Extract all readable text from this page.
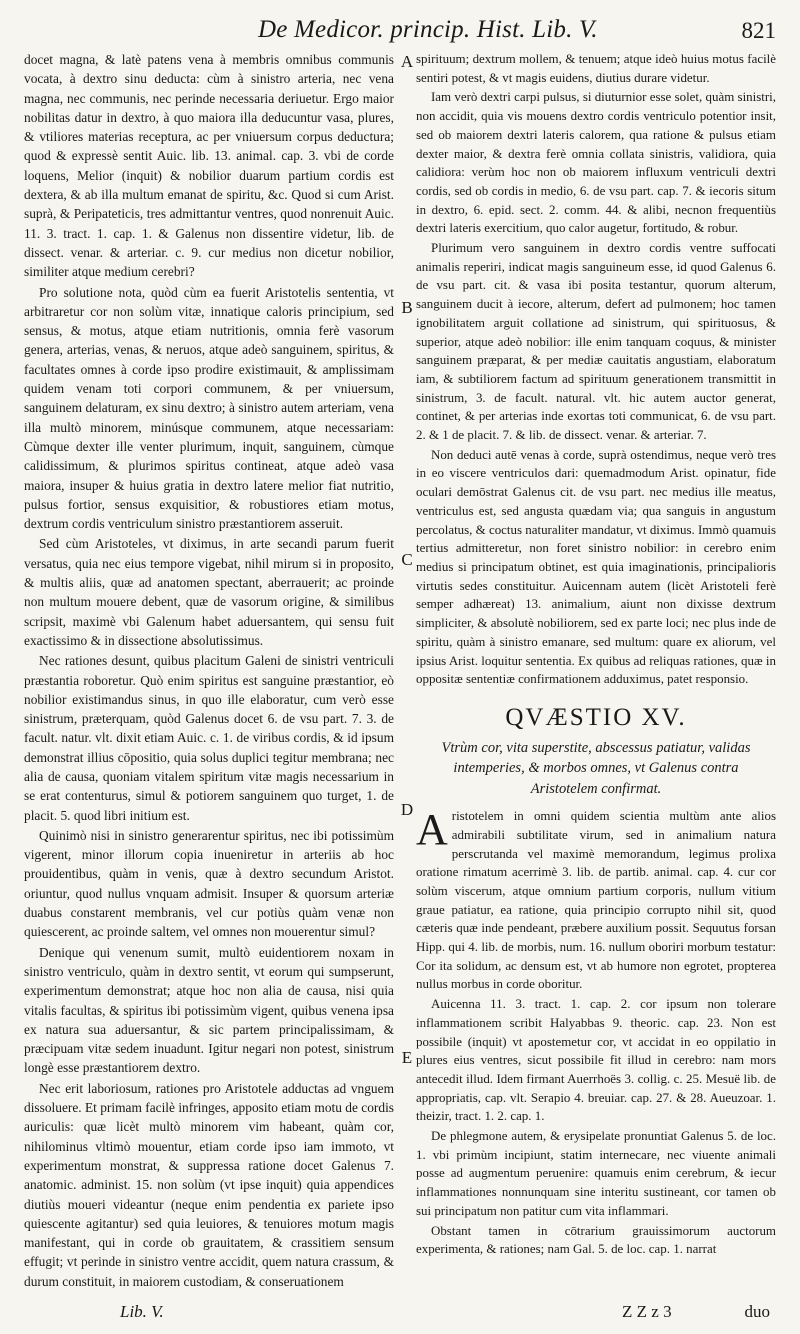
De Medicor. princip. Hist. Lib. V.	821
A
B
C
D
E

docet magna, & latè patens vena à membris omnibus communis vocata, à dextro sinu deducta: cùm à sinistro arteria, nec vena magna, nec communis, nec perinde necessaria deriuetur. Ergo maior nobilitas datur in dextro, à quo maiora illa deducuntur vasa, plures, & vtiliores materias receptura, ac per vniuersum corpus deductura; quod & expressè sentit Auic. lib. 13. animal. cap. 3. vbi de corde loquens, Melior (inquit) & nobilior duarum partium cordis est dextera, & ab illa multum emanat de spiritu, &c. Quod si cum Arist. suprà, & Peripateticis, tres admittantur ventres, quod nonrenuit Auic. 11. 3. tract. 1. cap. 1. & Galenus non dissentire videtur, lib. de dissect. venar. & arteriar. c. 9. cur medius non dicetur nobilior, similiter atque medium cerebri?

Pro solutione nota, quòd cùm ea fuerit Aristotelis sententia, vt arbitraretur cor non solùm vitæ, innatique caloris principium, sed sensus, & motus, atque etiam nutritionis, omnia ferè vasorum genera, arterias, venas, & neruos, atque adeò sanguinem, spiritus, & facultates omnes à corde ipso prodire existimauit, & amplissimam quidem venam toti corpori communem, & per vniuersum, sanguinem delaturam, ex sinu dextro; à sinistro autem arteriam, vena illa multò minorem, minúsque communem, atque necessariam: Cùmque dexter ille venter plurimum, inquit, sanguinem, cùmque calidissimum, & plurimos spiritus contineat, atque adeò vasa maiora, insuper & huius gratia in dextro latere melior fiat nutritio, pulsus fortior, sensus exquisitior, & robustiores etiam motus, dextrum cordis ventriculum sinistro præstantiorem asseruit.

Sed cùm Aristoteles, vt diximus, in arte secandi parum fuerit versatus, quia nec eius tempore vigebat, nihil mirum si in proposito, & multis aliis, quæ ad anatomen spectant, aberrauerit; ac proinde non multum mouere debent, quæ de vasorum origine, & similibus scripsit, maximè vbi Galenum habet aduersantem, qui sensu fuit exactissimo & in dissectione absolutissimus.

Nec rationes desunt, quibus placitum Galeni de sinistri ventriculi præstantia roboretur. Quò enim spiritus est sanguine præstantior, eò nobilior existimandus sinus, in quo ille elaboratur, cum verò esse sinistrum, præterquam, quòd Galenus docet 6. de vsu part. 7. 3. de facult. natur. vlt. dixit etiam Auic. c. 1. de viribus cordis, & id ipsum demonstrat illius cōpositio, quia solus duplici tegitur membrana; nec alia de causa, quoniam vitalem spiritum vitæ magis necessarium in se erat contenturus, simul & potiorem sanguinem quo turget, 1. de placit. 5. quod libri initium est.

Quinimò nisi in sinistro generarentur spiritus, nec ibi potissimùm vigerent, minor illorum copia inueniretur in arteriis ab hoc prouidentibus, quàm in venis, quæ à dextro secundum Aristot. oriuntur, quod nullus vnquam admisit. Insuper & quorsum arteriæ duabus constarent membranis, vel cur potiùs quàm venæ non quiescerent, ac proinde saltem, vel omnes non mouerentur simul?

Denique qui venenum sumit, multò euidentiorem noxam in sinistro ventriculo, quàm in dextro sentit, vt eorum qui sumpserunt, experimentum demonstrat; atque hoc non alia de causa, nisi quia vitalis facultas, & spiritus ibi potissimùm vigent, quibus venena ipsa ex natura sua aduersantur, & sic partem principalissimam, & præcipuam vitæ sedem inuadunt. Igitur negari non potest, sinistrum longè esse præstantiorem dextro.

Nec erit laboriosum, rationes pro Aristotele adductas ad vnguem dissoluere. Et primam facilè infringes, apposito etiam motu de cordis auriculis: quæ licèt multò minorem vim habeant, quàm cor, nihilominus vltimò mouentur, etiam corde ipso iam immoto, vt experimentum monstrat, & suppressa ratione docet Galenus 7. anatomic. administ. 15. non solùm (vt ipse inquit) quia appendices diutiùs moueri videantur (neque enim pendentia ex pariete ipso quiescente agitantur) sed quia leuiores, & tenuiores motum magis manifestant, qui in corde ob grauitatem, & crassitiem sensum effugit; vt perinde in sinistro ventre accidit, quem natura crassum, & durum constituit, in maiorem custodiam, & conseruationem

spirituum; dextrum mollem, & tenuem; atque ideò huius motus facilè sentiri potest, & vt magis euidens, diutius durare videtur.

Iam verò dextri carpi pulsus, si diuturnior esse solet, quàm sinistri, non accidit, quia vis mouens dextro cordis ventriculo potentior insit, sed ob maiorem dextri lateris calorem, qua ratione & pulsus etiam dexter maior, & dextra ferè omnia collata sinistris, validiora, quia calidiora: verùm hoc non ob maiorem influxum ventriculi dextri cordis, sed ob cordis in medio, 6. de vsu part. cap. 7. & iecoris situm in dextro, 6. epid. sect. 2. comm. 44. & alibi, necnon frequentiùs dextri lateris exercitium, quo calor augetur, fortitudo, & robur.

Plurimum vero sanguinem in dextro cordis ventre suffocati animalis reperiri, indicat magis sanguineum esse, id quod Galenus 6. de vsu part. cit. & vasa ibi posita testantur, quorum alterum, sanguinem ducit à iecore, alterum, defert ad pulmonem; hoc tamen ignobilitatem arguit collatione ad sinistrum, qui spirituosus, & superior, atque adeò nobilior: ille enim tanquam coquus, & minister sanguinem præparat, & per mediæ cauitatis angustiam, elaboratum iam, & subtiliorem factum ad spirituum generationem transmittit in sinistrum, 3. de facult. natural. vlt. hic autem auctor generat, continet, & per arterias inde exortas toti communicat, 6. de vsu part. 2. & 1 de placit. 7. & lib. de dissect. venar. & arteriar. 7.

Non deduci autē venas à corde, suprà ostendimus, neque verò tres in eo viscere ventriculos dari: quemadmodum Arist. opinatur, fide oculari demōstrat Galenus cit. de vsu part. nec medius ille meatus, ventriculus est, sed angusta quædam via; qua sanguis in angustum percolatus, & coctus naturaliter mandatur, vt diximus. Immò quamuis tertius admitteretur, non foret sinistro nobilior: in cerebro enim medius si principatum obtinet, est quia imaginationis, principalioris virtutis sedes constituitur. Auicennam autem (licèt Aristoteli ferè semper adhæreat) 13. animalium, aiunt non dixisse dextrum simpliciter, & absolutè nobiliorem, sed ex parte loci; nec plus inde de spiritu, quàm à sinistro emanare, sed multum: quare ex aliorum, vel ipsius Arist. loquitur sententia. Ex quibus ad reliquas rationes, quæ in oppositæ sententiæ confirmationem adduximus, patet responsio.

QVÆSTIO XV.
Vtrùm cor, vita superstite, abscessus patiatur, validas intemperies, & morbos omnes, vt Galenus contra Aristotelem confirmat.

Aristotelem in omni quidem scientia multùm ante alios admirabili subtilitate virum, sed in animalium natura perscrutanda vel maximè memorandum, legimus prolixa oratione rimatum acerrimè 3. lib. de partib. animal. cap. 4. cur cor solùm viscerum, atque omnium partium corporis, nullum vitium graue patiatur, ea ratione, quia principio corrupto nihil sit, quod cæteris quæ inde pendeant, præbere auxilium possit. Sequutus forsan Hipp. qui 4. lib. de morbis, num. 16. nullum oboriri morbum testatur: Cor ita solidum, ac densum est, vt ab humore non egrotet, propterea nullus morbus in corde oboritur.

Auicenna 11. 3. tract. 1. cap. 2. cor ipsum non tolerare inflammationem scribit Halyabbas 9. theoric. cap. 23. Non est possibile (inquit) vt apostemetur cor, vt accidat in eo oppilatio in plures eius ventres, sicut possibile fit illud in cerebro: nam mors antecedit illud. Idem firmant Auerrhoës 3. collig. c. 25. Mesuë lib. de appropriatis, cap. vlt. Serapio 4. breuiar. cap. 27. & 28. Aueuzoar. 1. theizir, tract. 1. 2. cap. 1.

De phlegmone autem, & erysipelate pronuntiat Galenus 5. de loc. 1. vbi primùm incipiunt, statim internecare, nec viuente animali posse ad augmentum peruenire: quamuis enim cerebrum, & iecur inflammationes nonnunquam sine interitu sustineant, cor tamen ob sui principatum non patitur cum vita inflammari.

Obstant tamen in cōtrarium grauissimorum auctorum experimenta, & rationes; nam Gal. 5. de loc. cap. 1. narrat

Lib. V.	Z Z z 3	duo
